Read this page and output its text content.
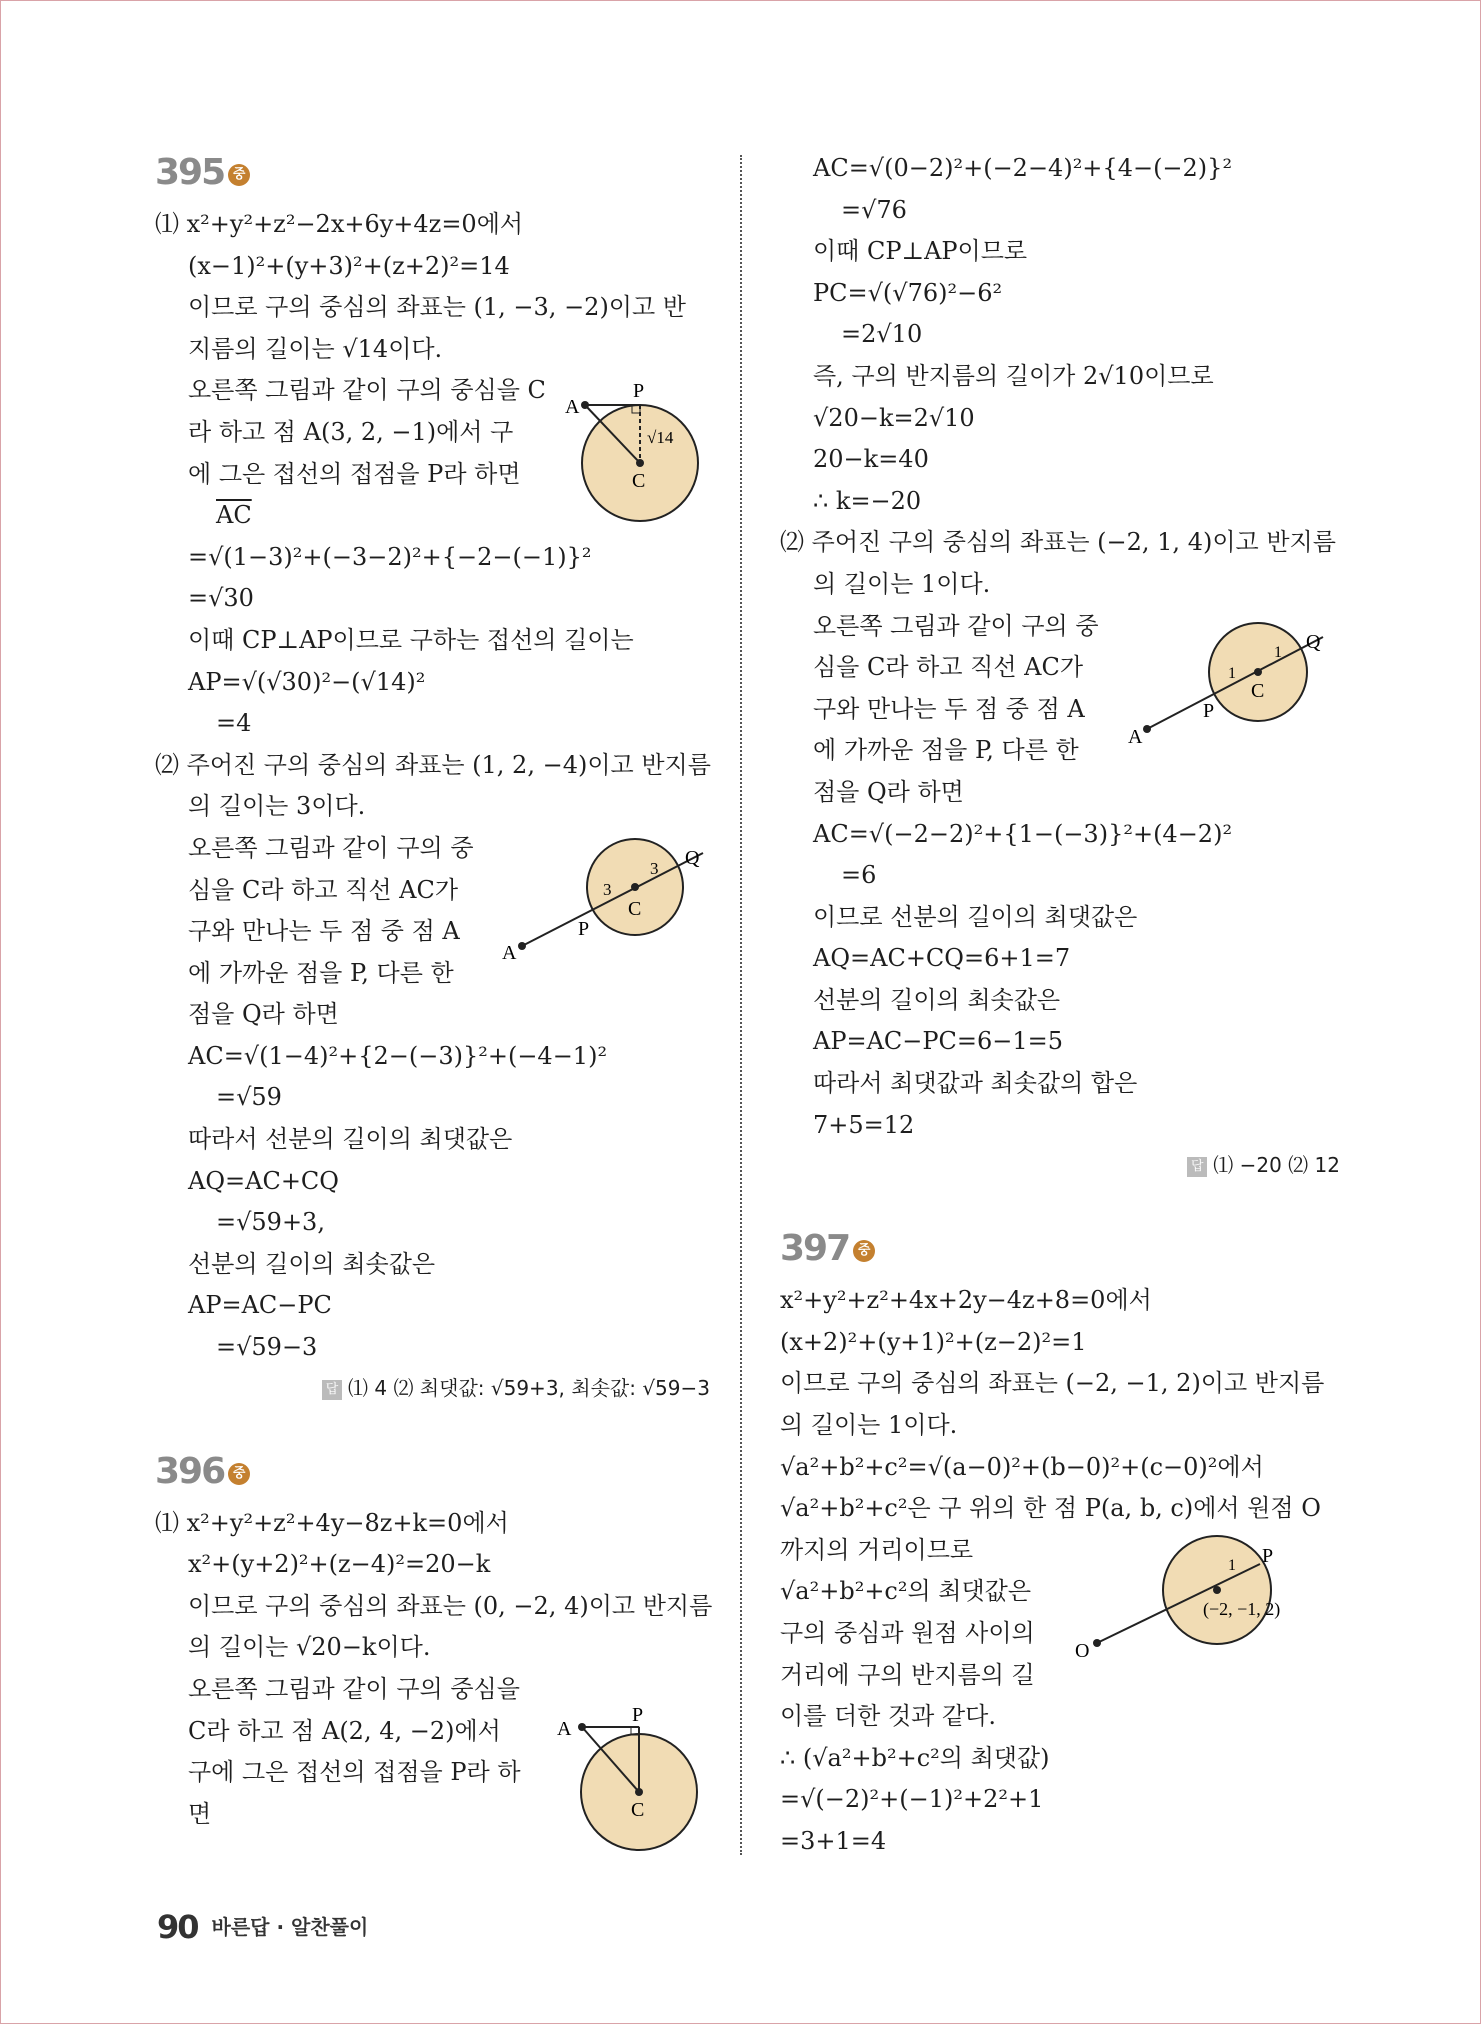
395 중
⑴ x²+y²+z²−2x+6y+4z=0에서
(x−1)²+(y+3)²+(z+2)²=14
이므로 구의 중심의 좌표는 (1, −3, −2)이고 반
지름의 길이는 √14이다.
오른쪽 그림과 같이 구의 중심을 C
라 하고 점 A(3, 2, −1)에서 구
에 그은 접선의 접점을 P라 하면
$\overline{AC}$
=√(1−3)²+(−3−2)²+{−2−(−1)}²
=√30
이때 CP⊥AP이므로 구하는 접선의 길이는
AP=√(√30)²−(√14)²
=4
⑵ 주어진 구의 중심의 좌표는 (1, 2, −4)이고 반지름
의 길이는 3이다.
오른쪽 그림과 같이 구의 중
심을 C라 하고 직선 AC가
구와 만나는 두 점 중 점 A
에 가까운 점을 P, 다른 한
점을 Q라 하면
AC=√(1−4)²+{2−(−3)}²+(−4−1)²
=√59
따라서 선분의 길이의 최댓값은
AQ=AC+CQ
=√59+3,
선분의 길이의 최솟값은
AP=AC−PC
=√59−3
답 ⑴ 4 ⑵ 최댓값: √59+3, 최솟값: √59−3
396 중
⑴ x²+y²+z²+4y−8z+k=0에서
x²+(y+2)²+(z−4)²=20−k
이므로 구의 중심의 좌표는 (0, −2, 4)이고 반지름
의 길이는 √20−k이다.
오른쪽 그림과 같이 구의 중심을
C라 하고 점 A(2, 4, −2)에서
구에 그은 접선의 접점을 P라 하
면
AC=√(0−2)²+(−2−4)²+{4−(−2)}²
=√76
이때 CP⊥AP이므로
PC=√(√76)²−6²
=2√10
즉, 구의 반지름의 길이가 2√10이므로
√20−k=2√10
20−k=40
∴ k=−20
⑵ 주어진 구의 중심의 좌표는 (−2, 1, 4)이고 반지름
의 길이는 1이다.
오른쪽 그림과 같이 구의 중
심을 C라 하고 직선 AC가
구와 만나는 두 점 중 점 A
에 가까운 점을 P, 다른 한
점을 Q라 하면
AC=√(−2−2)²+{1−(−3)}²+(4−2)²
=6
이므로 선분의 길이의 최댓값은
AQ=AC+CQ=6+1=7
선분의 길이의 최솟값은
AP=AC−PC=6−1=5
따라서 최댓값과 최솟값의 합은
7+5=12
답 ⑴ −20 ⑵ 12
397 중
x²+y²+z²+4x+2y−4z+8=0에서
(x+2)²+(y+1)²+(z−2)²=1
이므로 구의 중심의 좌표는 (−2, −1, 2)이고 반지름
의 길이는 1이다.
√a²+b²+c²=√(a−0)²+(b−0)²+(c−0)²에서
√a²+b²+c²은 구 위의 한 점 P(a, b, c)에서 원점 O
까지의 거리이므로
√a²+b²+c²의 최댓값은
구의 중심과 원점 사이의
거리에 구의 반지름의 길
이를 더한 것과 같다.
∴ (√a²+b²+c²의 최댓값)
=√(−2)²+(−1)²+2²+1
=3+1=4
A
P
C
√14
A
P
C
Q
3
3
A
P
C
A
P
C
Q
1
1
O
P
(−2, −1, 2)
1
90 바른답 · 알찬풀이
